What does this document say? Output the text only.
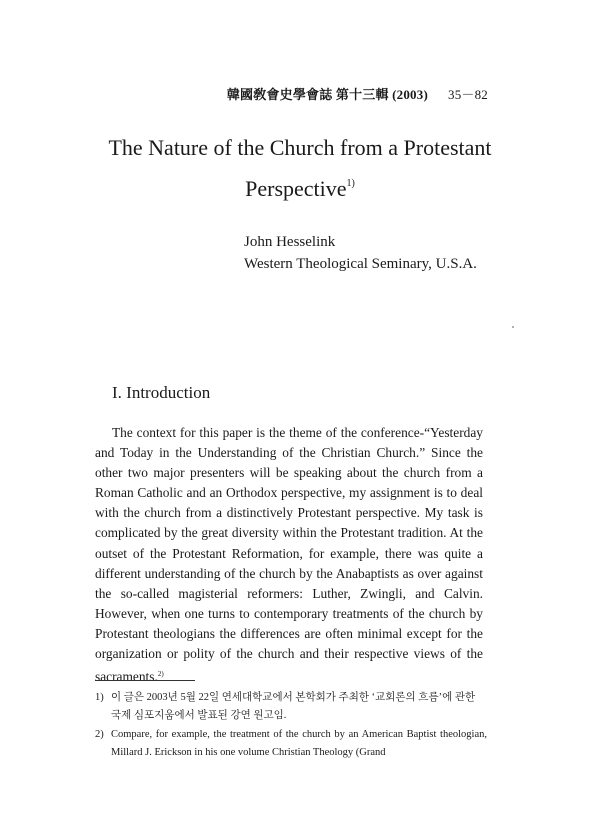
韓國敎會史學會誌 第十三輯 (2003) 35－82
The Nature of the Church from a Protestant
Perspective$^{1)}$
John Hesselink
Western Theological Seminary, U.S.A.
I. Introduction

The context for this paper is the theme of the conference-“Yesterday and Today in the Understanding of the Christian Church.” Since the other two major presenters will be speaking about the church from a Roman Catholic and an Orthodox perspective, my assignment is to deal with the church from a distinctively Protestant perspective. My task is complicated by the great diversity within the Protestant tradition. At the outset of the Protestant Reformation, for example, there was quite a different understanding of the church by the Anabaptists as over against the so-called magisterial reformers: Luther, Zwingli, and Calvin. However, when one turns to contemporary treatments of the church by Protestant theologians the differences are often minimal except for the organization or polity of the church and their respective views of the sacraments.$^{2)}$

1) 이 글은 2003년 5월 22일 연세대학교에서 본학회가 주최한 ‘교회론의 흐름’에 관한 국제 심포지움에서 발표된 강연 원고임.
2) Compare, for example, the treatment of the church by an American Baptist theologian, Millard J. Erickson in his one volume Christian Theology (Grand
